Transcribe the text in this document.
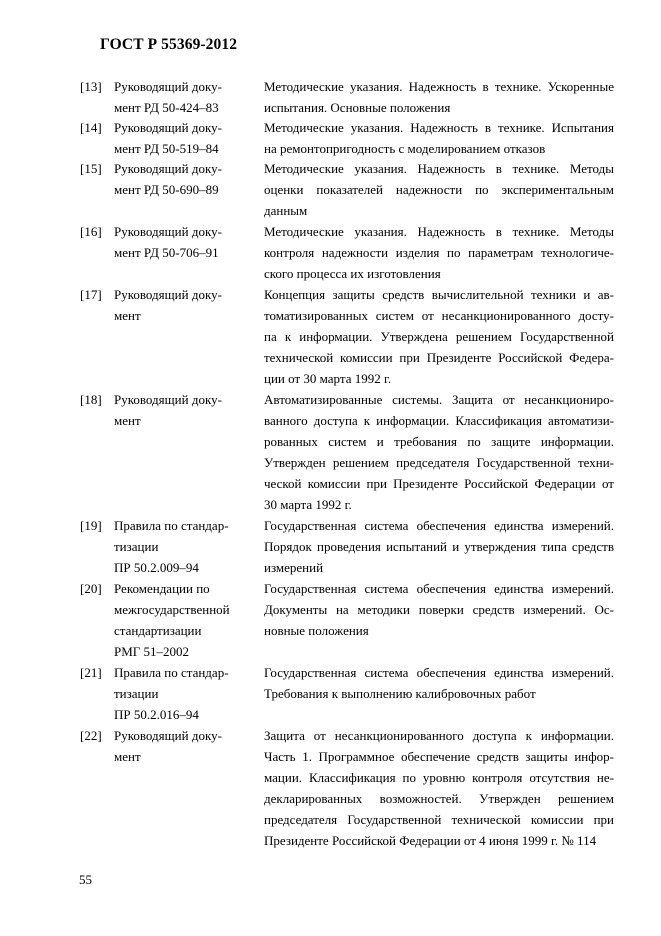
ГОСТ Р 55369-2012
[13] Руководящий доку-
мент РД 50-424–83
Методические указания. Надежность в технике. Ускоренные
испытания. Основные положения
[14] Руководящий доку-
мент РД 50-519–84
Методические указания. Надежность в технике. Испытания
на ремонтопригодность с моделированием отказов
[15] Руководящий доку-
мент РД 50-690–89
Методические указания. Надежность в технике. Методы
оценки показателей надежности по экспериментальным
данным
[16] Руководящий доку-
мент РД 50-706–91
Методические указания. Надежность в технике. Методы
контроля надежности изделия по параметрам технологиче-
ского процесса их изготовления
[17] Руководящий доку-
мент
Концепция защиты средств вычислительной техники и ав-
томатизированных систем от несанкционированного досту-
па к информации. Утверждена решением Государственной
технической комиссии при Президенте Российской Федера-
ции от 30 марта 1992 г.
[18] Руководящий доку-
мент
Автоматизированные системы. Защита от несанкциониро-
ванного доступа к информации. Классификация автоматизи-
рованных систем и требования по защите информации.
Утвержден решением председателя Государственной техни-
ческой комиссии при Президенте Российской Федерации от
30 марта 1992 г.
[19] Правила по стандар-
тизации
ПР 50.2.009–94
Государственная система обеспечения единства измерений.
Порядок проведения испытаний и утверждения типа средств
измерений
[20] Рекомендации по
межгосударственной
стандартизации
РМГ 51–2002
Государственная система обеспечения единства измерений.
Документы на методики поверки средств измерений. Ос-
новные положения
[21] Правила по стандар-
тизации
ПР 50.2.016–94
Государственная система обеспечения единства измерений.
Требования к выполнению калибровочных работ
[22] Руководящий доку-
мент
Защита от несанкционированного доступа к информации.
Часть 1. Программное обеспечение средств защиты инфор-
мации. Классификация по уровню контроля отсутствия не-
декларированных возможностей. Утвержден решением
председателя Государственной технической комиссии при
Президенте Российской Федерации от 4 июня 1999 г. № 114
55
